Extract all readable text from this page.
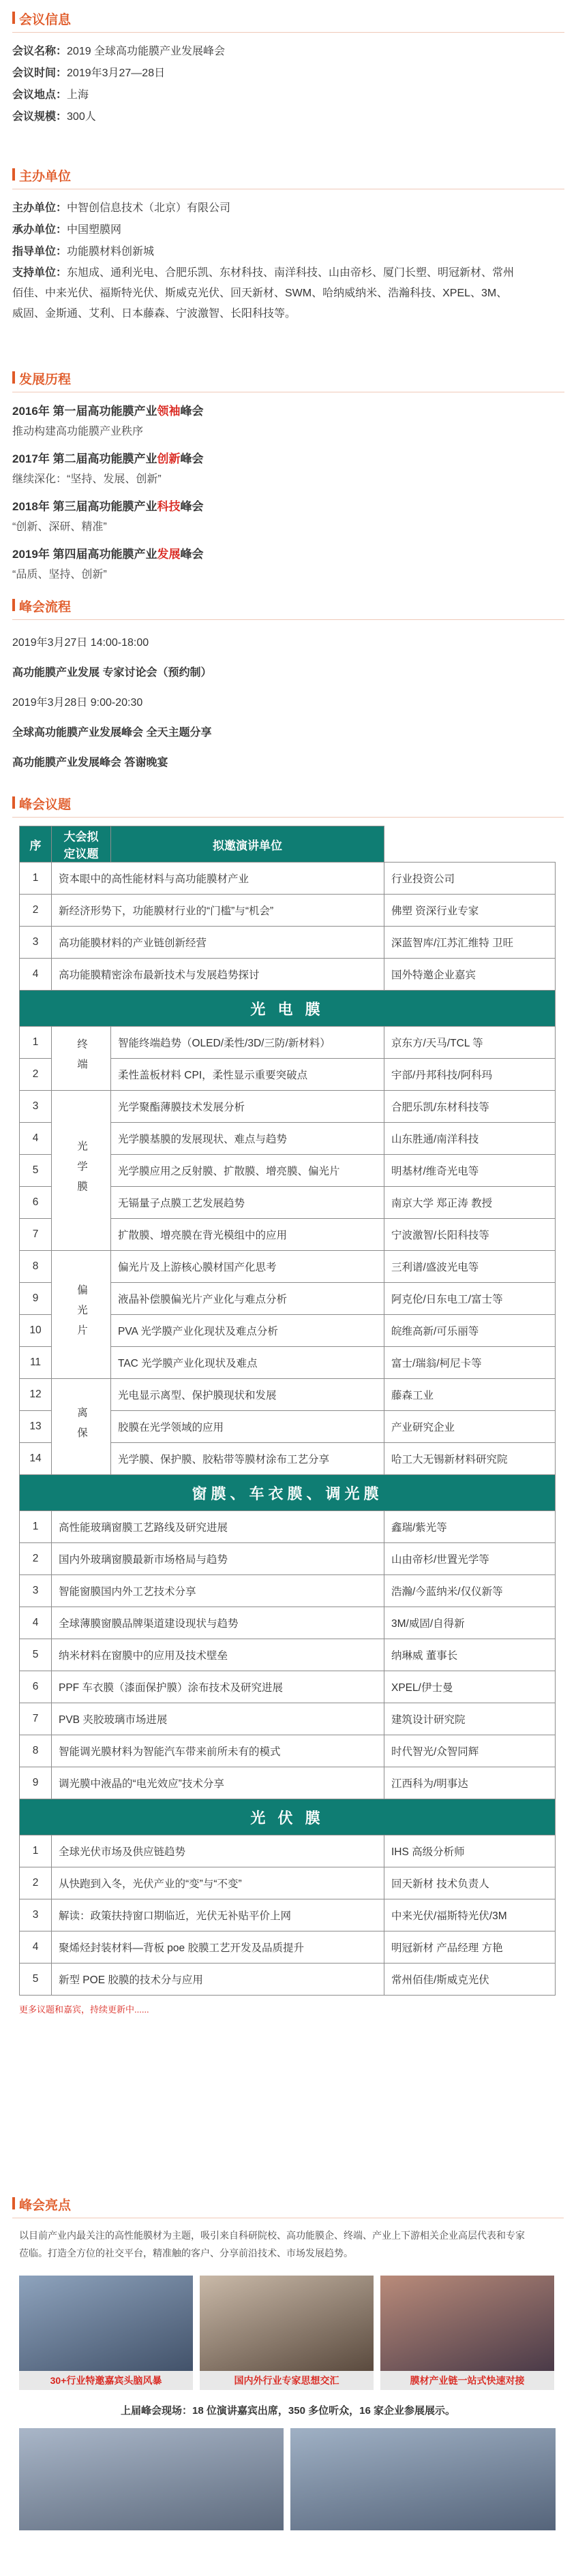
会议信息
会议名称：2019 全球高功能膜产业发展峰会
会议时间：2019年3月27—28日
会议地点：上海
会议规模：300人
主办单位
主办单位：中智创信息技术（北京）有限公司
承办单位：中国塑膜网
指导单位：功能膜材料创新城
支持单位：东旭成、通利光电、合肥乐凯、东材科技、南洋科技、山由帝杉、厦门长塑、明冠新材、常州
佰佳、中来光伏、福斯特光伏、斯威克光伏、回天新材、SWM、哈纳威纳米、浩瀚科技、XPEL、3M、
威固、金斯通、艾利、日本藤森、宁波激智、长阳科技等。
发展历程
2016年 第一届高功能膜产业领袖峰会
推动构建高功能膜产业秩序
2017年 第二届高功能膜产业创新峰会
继续深化：“坚持、发展、创新”
2018年 第三届高功能膜产业科技峰会
“创新、深研、精准”
2019年 第四届高功能膜产业发展峰会
“品质、坚持、创新”
峰会流程
2019年3月27日 14:00-18:00
高功能膜产业发展 专家讨论会（预约制）
2019年3月28日 9:00-20:30
全球高功能膜产业发展峰会 全天主题分享
高功能膜产业发展峰会 答谢晚宴
峰会议题
序	大会拟定议题	拟邀演讲单位	
1	资本眼中的高性能材料与高功能膜材产业		行业投资公司
2	新经济形势下，功能膜材行业的“门槛”与“机会”		佛塑 资深行业专家
3	高功能膜材料的产业链创新经营		深蓝智库/江苏汇维特 卫旺
4	高功能膜精密涂布最新技术与发展趋势探讨		国外特邀企业嘉宾
光 电 膜			
1	终端	智能终端趋势（OLED/柔性/3D/三防/新材料）	京东方/天马/TCL 等
2		柔性盖板材料 CPI，柔性显示重要突破点	宇部/丹邦科技/阿科玛
3	光学膜	光学聚酯薄膜技术发展分析	合肥乐凯/东材科技等
4		光学膜基膜的发展现状、难点与趋势	山东胜通/南洋科技
5		光学膜应用之反射膜、扩散膜、增亮膜、偏光片	明基材/维奇光电等
6		无镉量子点膜工艺发展趋势	南京大学 郑正涛 教授
7		扩散膜、增亮膜在背光模组中的应用	宁波激智/长阳科技等
8	偏光片	偏光片及上游核心膜材国产化思考	三利谱/盛波光电等
9		液晶补偿膜偏光片产业化与难点分析	阿克伦/日东电工/富士等
10		PVA 光学膜产业化现状及难点分析	皖维高新/可乐丽等
11		TAC 光学膜产业化现状及难点	富士/瑞翁/柯尼卡等
12	离保	光电显示离型、保护膜现状和发展	藤森工业
13		胶膜在光学领域的应用	产业研究企业
14		光学膜、保护膜、胶粘带等膜材涂布工艺分享	哈工大无锡新材料研究院
窗膜、车衣膜、调光膜			
1	高性能玻璃窗膜工艺路线及研究进展		鑫瑞/紫光等
2	国内外玻璃窗膜最新市场格局与趋势		山由帝杉/世置光学等
3	智能窗膜国内外工艺技术分享		浩瀚/今蓝纳米/仅仪新等
4	全球薄膜窗膜品牌渠道建设现状与趋势		3M/威固/自得新
5	纳米材料在窗膜中的应用及技术壁垒		纳琳威 董事长
6	PPF 车衣膜（漆面保护膜）涂布技术及研究进展		XPEL/伊士曼
7	PVB 夹胶玻璃市场进展		建筑设计研究院
8	智能调光膜材料为智能汽车带来前所未有的模式		时代智光/众智同辉
9	调光膜中液晶的“电光效应”技术分享		江西科为/明事达
光 伏 膜			
1	全球光伏市场及供应链趋势		IHS 高级分析师
2	从快跑到入冬，光伏产业的“变”与“不变”		回天新材 技术负责人
3	解读：政策扶持窗口期临近，光伏无补贴平价上网		中来光伏/福斯特光伏/3M
4	聚烯烃封装材料—背板 poe 胶膜工艺开发及品质提升		明冠新材 产品经理 方艳
5	新型 POE 胶膜的技术分与应用		常州佰佳/斯威克光伏
更多议题和嘉宾，持续更新中......
峰会亮点
以目前产业内最关注的高性能膜材为主题，吸引来自科研院校、高功能膜企、终端、产业上下游相关企业高层代表和专家
莅临。打造全方位的社交平台，精准触的客户、分享前沿技术、市场发展趋势。
30+行业特邀嘉宾头脑风暴	国内外行业专家思想交汇	膜材产业链一站式快速对接
上届峰会现场：18 位演讲嘉宾出席，350 多位听众，16 家企业参展展示。
